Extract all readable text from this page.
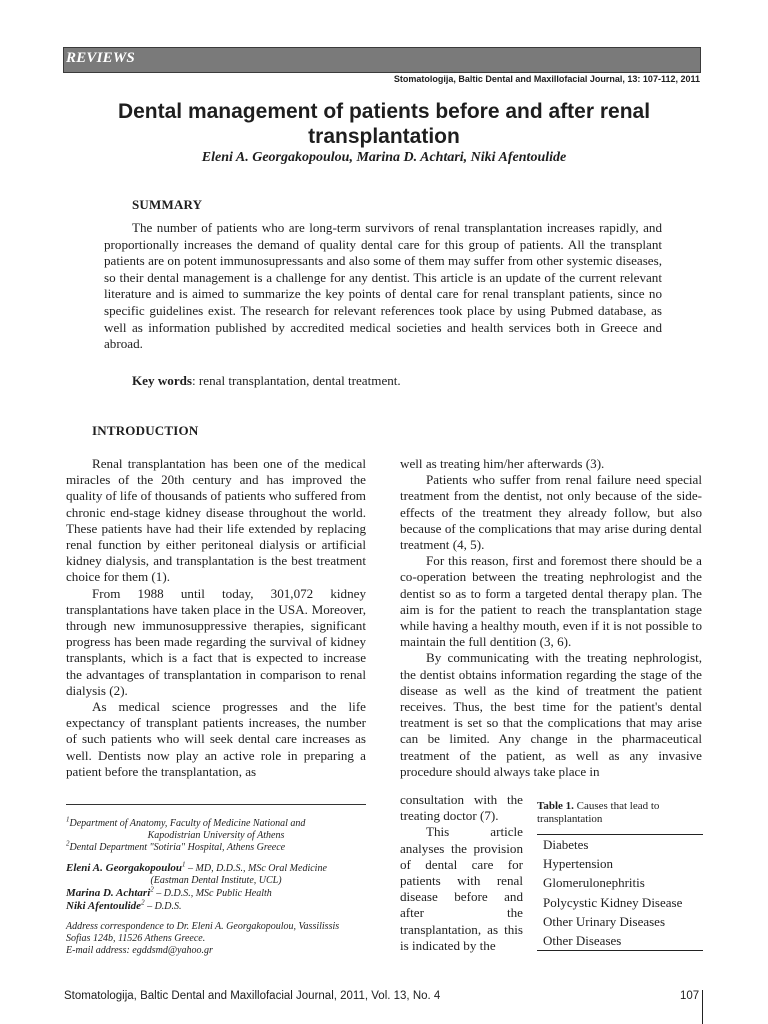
REVIEWS
Stomatologija, Baltic Dental and Maxillofacial Journal, 13: 107-112, 2011
Dental management of patients before and after renal transplantation
Eleni A. Georgakopoulou, Marina D. Achtari, Niki Afentoulide
SUMMARY

The number of patients who are long-term survivors of renal transplantation increases rapidly, and proportionally increases the demand of quality dental care for this group of patients. All the transplant patients are on potent immunosupressants and also some of them may suffer from other systemic diseases, so their dental management is a challenge for any dentist. This article is an update of the current relevant literature and is aimed to summarize the key points of dental care for renal transplant patients, since no specific guidelines exist. The research for relevant references took place by using Pubmed database, as well as information published by accredited medical societies and health services both in Greece and abroad.

Key words: renal transplantation, dental treatment.
INTRODUCTION

Renal transplantation has been one of the medical miracles of the 20th century and has improved the quality of life of thousands of patients who suffered from chronic end-stage kidney disease throughout the world. These patients have had their life extended by replacing renal function by either peritoneal dialysis or artificial kidney dialysis, and transplantation is the best treatment choice for them (1).

From 1988 until today, 301,072 kidney transplantations have taken place in the USA. Moreover, through new immunosuppressive therapies, significant progress has been made regarding the survival of kidney transplants, which is a fact that is expected to increase the advantages of transplantation in comparison to renal dialysis (2).

As medical science progresses and the life expectancy of transplant patients increases, the number of such patients who will seek dental care increases as well. Dentists now play an active role in preparing a patient before the transplantation, as

well as treating him/her afterwards (3).

Patients who suffer from renal failure need special treatment from the dentist, not only because of the side-effects of the treatment they already follow, but also because of the complications that may arise during dental treatment (4, 5).

For this reason, first and foremost there should be a co-operation between the treating nephrologist and the dentist so as to form a targeted dental therapy plan. The aim is for the patient to reach the transplantation stage while having a healthy mouth, even if it is not possible to maintain the full dentition (3, 6).

By communicating with the treating nephrologist, the dentist obtains information regarding the stage of the disease as well as the kind of treatment the patient receives. Thus, the best time for the patient's dental treatment is set so that the complications that may arise can be limited. Any change in the pharmaceutical treatment of the patient, as well as any invasive procedure should always take place in

consultation with the treating doctor (7).

This article analyses the provision of dental care for patients with renal disease before and after the transplantation, as this is indicated by the

Table 1. Causes that lead to transplantation
Diabetes
Hypertension
Glomerulonephritis
Polycystic Kidney Disease
Other Urinary Diseases
Other Diseases

$^1$Department of Anatomy, Faculty of Medicine National and

Kapodistrian University of Athens

$^2$Dental Department "Sotiria" Hospital, Athens Greece

Eleni A. Georgakopoulou$^1$ – MD, D.D.S., MSc Oral Medicine

(Eastman Dental Institute, UCL)

Marina D. Achtari$^2$ – D.D.S., MSc Public Health

Niki Afentoulide$^2$ – D.D.S.

Address correspondence to Dr. Eleni A. Georgakopoulou, Vassilissis Sofias 124b, 11526 Athens Greece.

E-mail address: egddsmd@yahoo.gr

Stomatologija, Baltic Dental and Maxillofacial Journal, 2011, Vol. 13, No. 4	107
